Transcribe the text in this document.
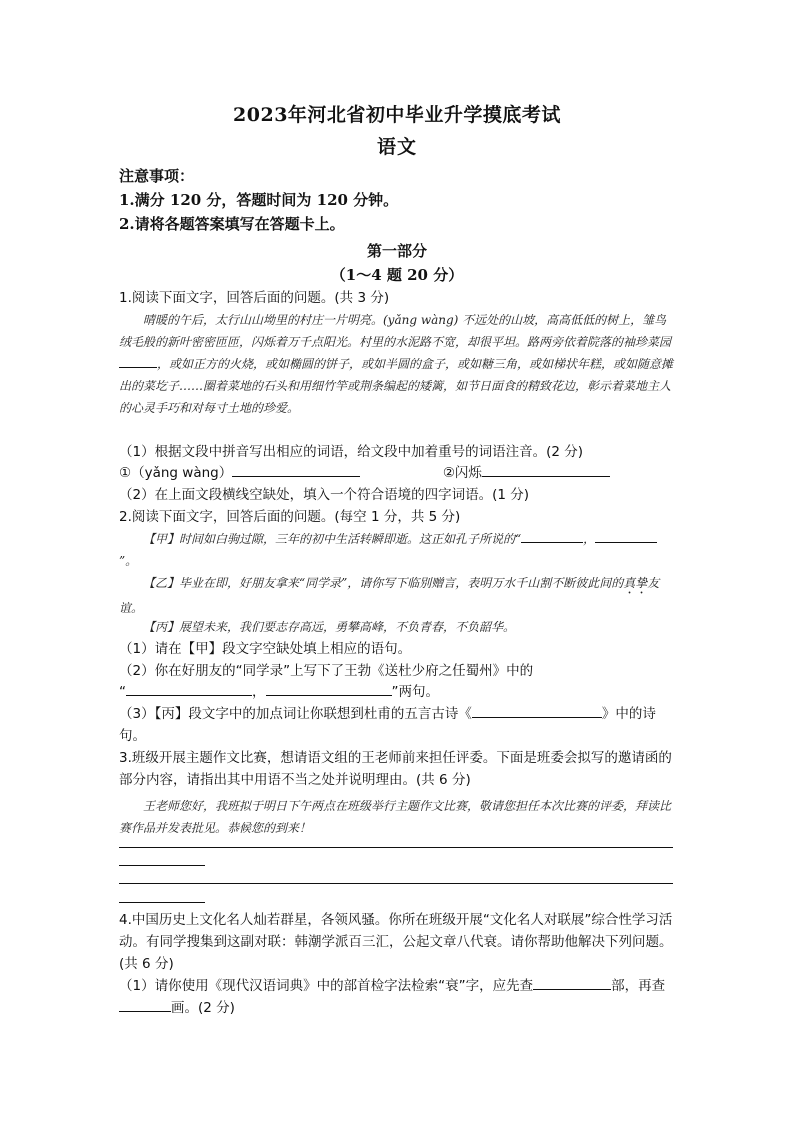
2023年河北省初中毕业升学摸底考试
语文
注意事项：
1.满分 120 分，答题时间为 120 分钟。
2.请将各题答案填写在答题卡上。
第一部分
（1～4 题 20 分）
1.阅读下面文字，回答后面的问题。(共 3 分)
晴暖的午后，太行山山坳里的村庄一片明亮。(yǎng wàng) 不远处的山坡，高高低低的树上，雏鸟绒毛般的新叶密密匝匝，闪烁着万千点阳光。村里的水泥路不宽，却很平坦。路两旁依着院落的袖珍菜园，或如正方的火烧，或如椭圆的饼子，或如半圆的盒子，或如糖三角，或如梯状年糕，或如随意摊出的菜圪子……圈着菜地的石头和用细竹竿或荆条编起的矮篱，如节日面食的精致花边，彰示着菜地主人的心灵手巧和对每寸土地的珍爱。
（1）根据文段中拼音写出相应的词语，给文段中加着重号的词语注音。(2 分)
①（yǎng wàng）	②闪烁
（2）在上面文段横线空缺处，填入一个符合语境的四字词语。(1 分)
2.阅读下面文字，回答后面的问题。(每空 1 分，共 5 分)
【甲】时间如白驹过隙，三年的初中生活转瞬即逝。这正如孔子所说的“	，”。
【乙】毕业在即，好朋友拿来“同学录”，请你写下临别赠言，表明万水千山割不断彼此间的真挚友谊。
【丙】展望未来，我们要志存高远，勇攀高峰，不负青春，不负韶华。
（1）请在【甲】段文字空缺处填上相应的语句。
（2）你在好朋友的“同学录”上写下了王勃《送杜少府之任蜀州》中的
“	，	”两句。
（3）【丙】段文字中的加点词让你联想到杜甫的五言古诗《	》中的诗句。
3.班级开展主题作文比赛，想请语文组的王老师前来担任评委。下面是班委会拟写的邀请函的部分内容，请指出其中用语不当之处并说明理由。(共 6 分)
王老师您好，我班拟于明日下午两点在班级举行主题作文比赛，敬请您担任本次比赛的评委，拜读比赛作品并发表批见。恭候您的到来！
4.中国历史上文化名人灿若群星，各领风骚。你所在班级开展“文化名人对联展”综合性学习活动。有同学搜集到这副对联：韩潮学派百三汇，公起文章八代衰。请你帮助他解决下列问题。(共 6 分)
（1）请你使用《现代汉语词典》中的部首检字法检索“衰”字，应先查	部，再查画。(2 分)
